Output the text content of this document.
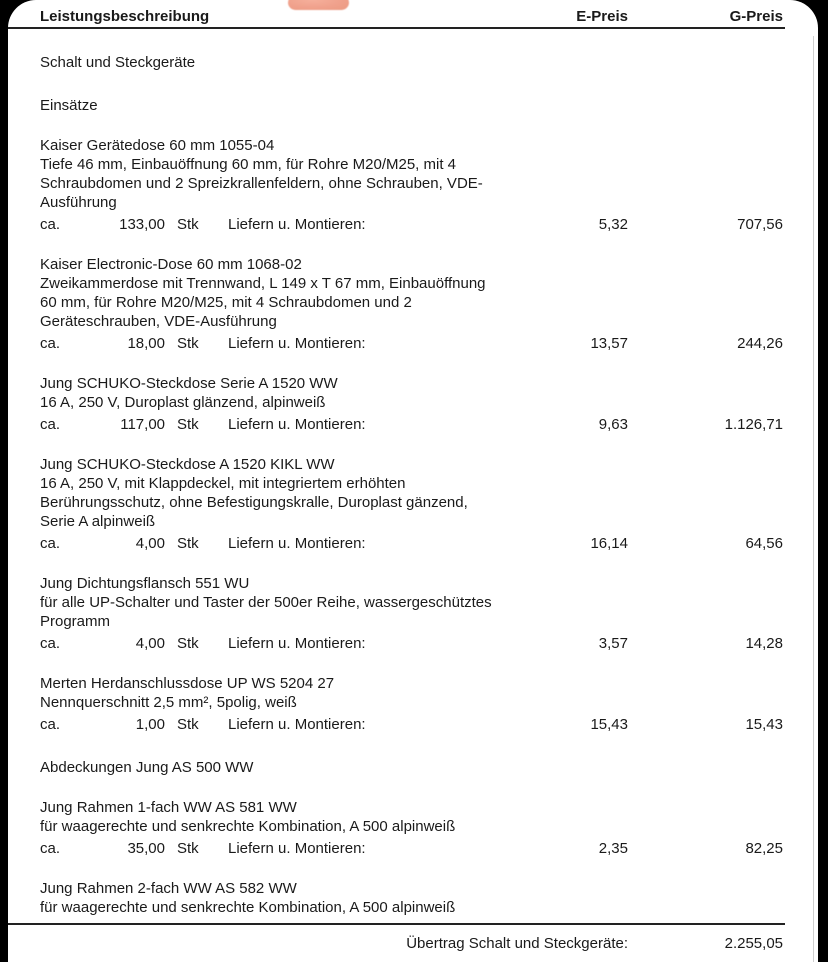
Leistungsbeschreibung	E-Preis	G-Preis
Schalt und Steckgeräte
Einsätze
Kaiser Gerätedose 60 mm 1055-04
Tiefe 46 mm, Einbauöffnung 60 mm, für Rohre M20/M25, mit 4
Schraubdomen und 2 Spreizkrallenfeldern, ohne Schrauben, VDE-
Ausführung
ca.	133,00 Stk	Liefern u. Montieren:	5,32	707,56
Kaiser Electronic-Dose 60 mm 1068-02
Zweikammerdose mit Trennwand, L 149 x T 67 mm, Einbauöffnung
60 mm, für Rohre M20/M25, mit 4 Schraubdomen und 2
Geräteschrauben, VDE-Ausführung
ca.	18,00 Stk	Liefern u. Montieren:	13,57	244,26
Jung SCHUKO-Steckdose Serie A 1520 WW
16 A, 250 V, Duroplast glänzend, alpinweiß
ca.	117,00 Stk	Liefern u. Montieren:	9,63	1.126,71
Jung SCHUKO-Steckdose A 1520 KIKL WW
16 A, 250 V, mit Klappdeckel, mit integriertem erhöhten
Berührungsschutz, ohne Befestigungskralle, Duroplast gänzend,
Serie A alpinweiß
ca.	4,00 Stk	Liefern u. Montieren:	16,14	64,56
Jung Dichtungsflansch 551 WU
für alle UP-Schalter und Taster der 500er Reihe, wassergeschütztes
Programm
ca.	4,00 Stk	Liefern u. Montieren:	3,57	14,28
Merten Herdanschlussdose UP WS 5204 27
Nennquerschnitt 2,5 mm², 5polig, weiß
ca.	1,00 Stk	Liefern u. Montieren:	15,43	15,43
Abdeckungen Jung AS 500 WW
Jung Rahmen 1-fach WW AS 581 WW
für waagerechte und senkrechte Kombination, A 500 alpinweiß
ca.	35,00 Stk	Liefern u. Montieren:	2,35	82,25
Jung Rahmen 2-fach WW AS 582 WW
für waagerechte und senkrechte Kombination, A 500 alpinweiß
Übertrag Schalt und Steckgeräte:	2.255,05
